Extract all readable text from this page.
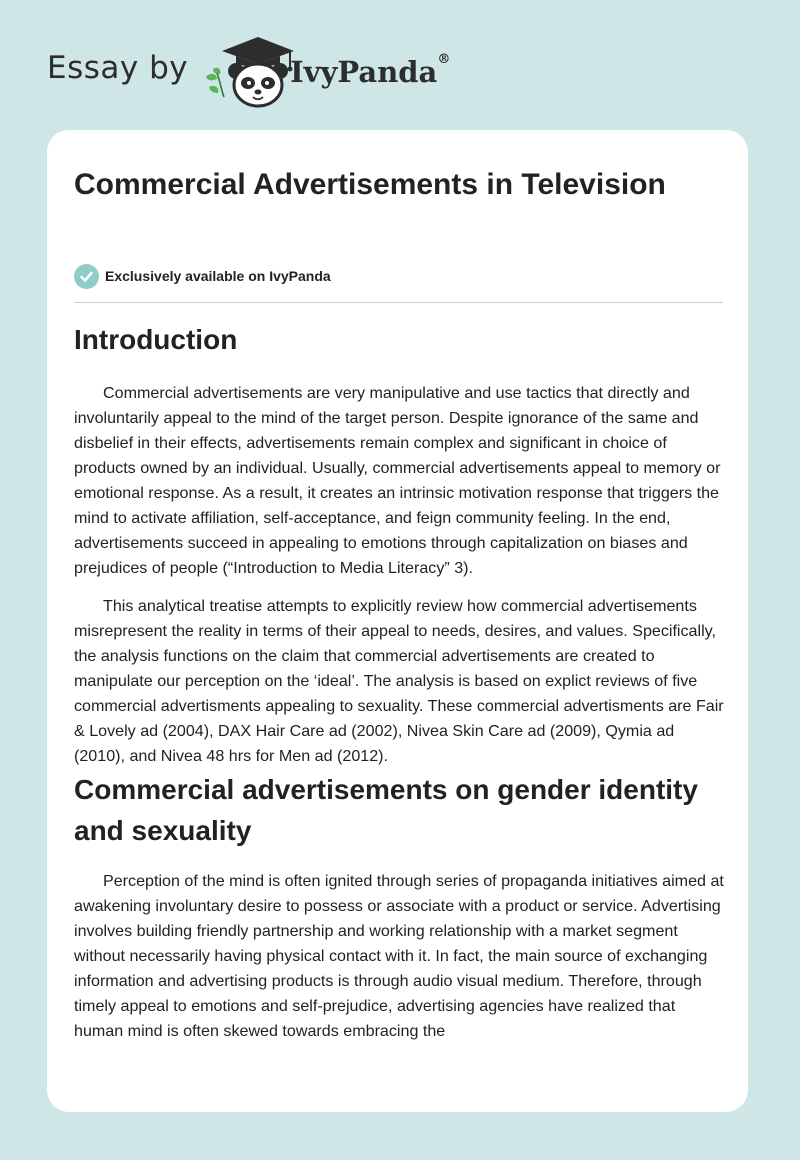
Essay by	IvyPanda®
Commercial Advertisements in Television
Exclusively available on IvyPanda
Introduction

Commercial advertisements are very manipulative and use tactics that directly and involuntarily appeal to the mind of the target person. Despite ignorance of the same and disbelief in their effects, advertisements remain complex and significant in choice of products owned by an individual. Usually, commercial advertisements appeal to memory or emotional response. As a result, it creates an intrinsic motivation response that triggers the mind to activate affiliation, self-acceptance, and feign community feeling. In the end, advertisements succeed in appealing to emotions through capitalization on biases and prejudices of people (“Introduction to Media Literacy” 3).

This analytical treatise attempts to explicitly review how commercial advertisements misrepresent the reality in terms of their appeal to needs, desires, and values. Specifically, the analysis functions on the claim that commercial advertisements are created to manipulate our perception on the ‘ideal’. The analysis is based on explict reviews of five commercial advertisments appealing to sexuality. These commercial advertisments are Fair & Lovely ad (2004), DAX Hair Care ad (2002), Nivea Skin Care ad (2009), Qymia ad (2010), and Nivea 48 hrs for Men ad (2012).

Commercial advertisements on gender identity and sexuality

Perception of the mind is often ignited through series of propaganda initiatives aimed at awakening involuntary desire to possess or associate with a product or service. Advertising involves building friendly partnership and working relationship with a market segment without necessarily having physical contact with it. In fact, the main source of exchanging information and advertising products is through audio visual medium. Therefore, through timely appeal to emotions and self-prejudice, advertising agencies have realized that human mind is often skewed towards embracing the
